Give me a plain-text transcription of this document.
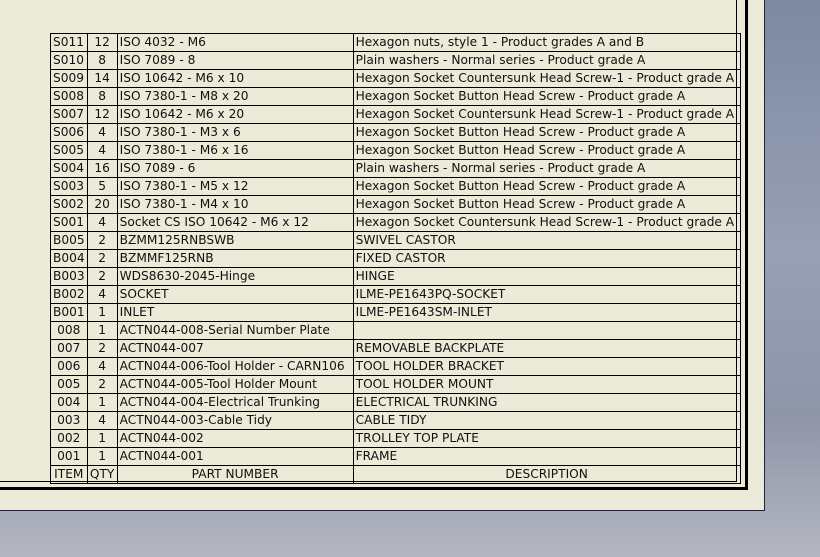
S011	12	ISO 4032 - M6	Hexagon nuts, style 1 - Product grades A and B
S010	8	ISO 7089 - 8	Plain washers - Normal series - Product grade A
S009	14	ISO 10642 - M6 x 10	Hexagon Socket Countersunk Head Screw-1 - Product grade A
S008	8	ISO 7380-1 - M8 x 20	Hexagon Socket Button Head Screw - Product grade A
S007	12	ISO 10642 - M6 x 20	Hexagon Socket Countersunk Head Screw-1 - Product grade A
S006	4	ISO 7380-1 - M3 x 6	Hexagon Socket Button Head Screw - Product grade A
S005	4	ISO 7380-1 - M6 x 16	Hexagon Socket Button Head Screw - Product grade A
S004	16	ISO 7089 - 6	Plain washers - Normal series - Product grade A
S003	5	ISO 7380-1 - M5 x 12	Hexagon Socket Button Head Screw - Product grade A
S002	20	ISO 7380-1 - M4 x 10	Hexagon Socket Button Head Screw - Product grade A
S001	4	Socket CS ISO 10642 - M6 x 12	Hexagon Socket Countersunk Head Screw-1 - Product grade A
B005	2	BZMM125RNBSWB	SWIVEL CASTOR
B004	2	BZMMF125RNB	FIXED CASTOR
B003	2	WDS8630-2045-Hinge	HINGE
B002	4	SOCKET	ILME-PE1643PQ-SOCKET
B001	1	INLET	ILME-PE1643SM-INLET
008	1	ACTN044-008-Serial Number Plate	
007	2	ACTN044-007	REMOVABLE BACKPLATE
006	4	ACTN044-006-Tool Holder - CARN106	TOOL HOLDER BRACKET
005	2	ACTN044-005-Tool Holder Mount	TOOL HOLDER MOUNT
004	1	ACTN044-004-Electrical Trunking	ELECTRICAL TRUNKING
003	4	ACTN044-003-Cable Tidy	CABLE TIDY
002	1	ACTN044-002	TROLLEY TOP PLATE
001	1	ACTN044-001	FRAME
ITEM	QTY	PART NUMBER	DESCRIPTION
